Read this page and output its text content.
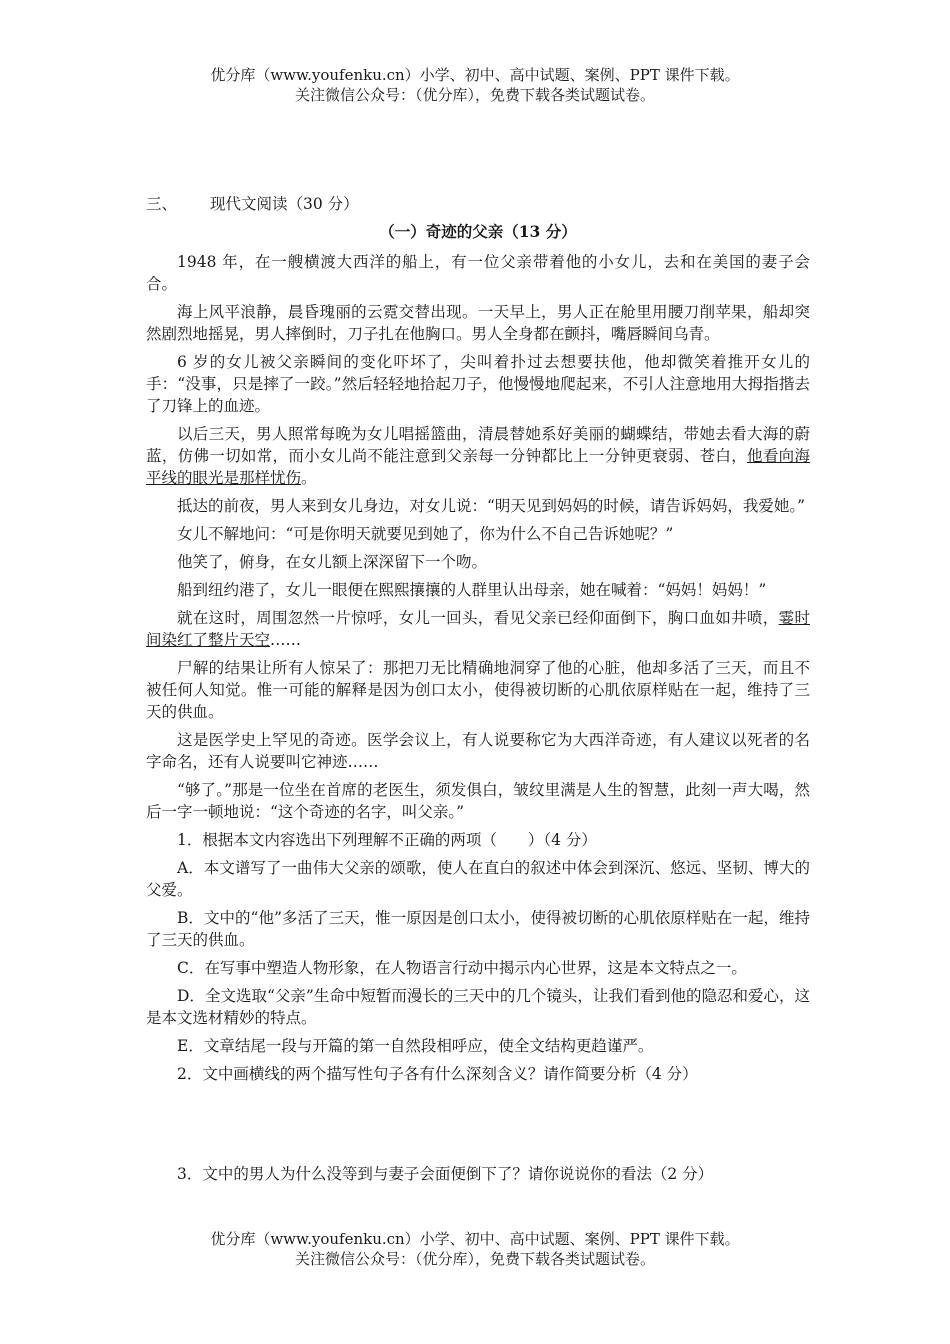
优分库（www.youfenku.cn）小学、初中、高中试题、案例、PPT 课件下载。
关注微信公众号：（优分库），免费下载各类试题试卷。
三、 现代文阅读（30 分）
（一）奇迹的父亲（13 分）

1948 年，在一艘横渡大西洋的船上，有一位父亲带着他的小女儿，去和在美国的妻子会合。

海上风平浪静，晨昏瑰丽的云霓交替出现。一天早上，男人正在舱里用腰刀削苹果，船却突然剧烈地摇晃，男人摔倒时，刀子扎在他胸口。男人全身都在颤抖，嘴唇瞬间乌青。

6 岁的女儿被父亲瞬间的变化吓坏了，尖叫着扑过去想要扶他，他却微笑着推开女儿的手：“没事，只是摔了一跤。”然后轻轻地拾起刀子，他慢慢地爬起来，不引人注意地用大拇指揩去了刀锋上的血迹。

以后三天，男人照常每晚为女儿唱摇篮曲，清晨替她系好美丽的蝴蝶结，带她去看大海的蔚蓝，仿佛一切如常，而小女儿尚不能注意到父亲每一分钟都比上一分钟更衰弱、苍白，他看向海平线的眼光是那样忧伤。

抵达的前夜，男人来到女儿身边，对女儿说：“明天见到妈妈的时候，请告诉妈妈，我爱她。”

女儿不解地问：“可是你明天就要见到她了，你为什么不自己告诉她呢？”

他笑了，俯身，在女儿额上深深留下一个吻。

船到纽约港了，女儿一眼便在熙熙攘攘的人群里认出母亲，她在喊着：“妈妈！妈妈！”

就在这时，周围忽然一片惊呼，女儿一回头，看见父亲已经仰面倒下，胸口血如井喷，霎时间染红了整片天空……

尸解的结果让所有人惊呆了：那把刀无比精确地洞穿了他的心脏，他却多活了三天，而且不被任何人知觉。惟一可能的解释是因为创口太小，使得被切断的心肌依原样贴在一起，维持了三天的供血。

这是医学史上罕见的奇迹。医学会议上，有人说要称它为大西洋奇迹，有人建议以死者的名字命名，还有人说要叫它神迹……

“够了。”那是一位坐在首席的老医生，须发俱白，皱纹里满是人生的智慧，此刻一声大喝，然后一字一顿地说：“这个奇迹的名字，叫父亲。”

1．根据本文内容选出下列理解不正确的两项（　　）（4 分）

A．本文谱写了一曲伟大父亲的颂歌，使人在直白的叙述中体会到深沉、悠远、坚韧、博大的父爱。

B．文中的“他”多活了三天，惟一原因是创口太小，使得被切断的心肌依原样贴在一起，维持了三天的供血。

C．在写事中塑造人物形象，在人物语言行动中揭示内心世界，这是本文特点之一。

D．全文选取“父亲”生命中短暂而漫长的三天中的几个镜头，让我们看到他的隐忍和爱心，这是本文选材精妙的特点。

E．文章结尾一段与开篇的第一自然段相呼应，使全文结构更趋谨严。

2．文中画横线的两个描写性句子各有什么深刻含义？请作简要分析（4 分）

3．文中的男人为什么没等到与妻子会面便倒下了？请你说说你的看法（2 分）

优分库（www.youfenku.cn）小学、初中、高中试题、案例、PPT 课件下载。
关注微信公众号：（优分库），免费下载各类试题试卷。
